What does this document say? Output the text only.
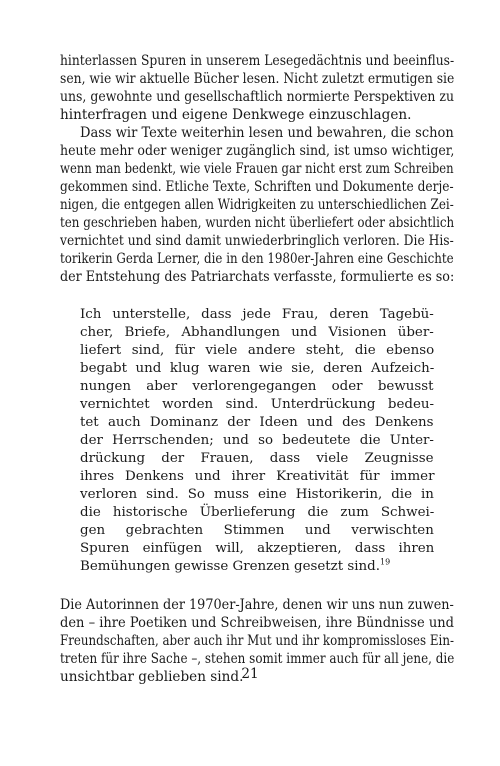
hinterlassen Spuren in unserem Lesegedächtnis und beeinflus-
sen, wie wir aktuelle Bücher lesen. Nicht zuletzt ermutigen sie
uns, gewohnte und gesellschaftlich normierte Perspektiven zu
hinterfragen und eigene Denkwege einzuschlagen.
Dass wir Texte weiterhin lesen und bewahren, die schon
heute mehr oder weniger zugänglich sind, ist umso wichtiger,
wenn man bedenkt, wie viele Frauen gar nicht erst zum Schreiben
gekommen sind. Etliche Texte, Schriften und Dokumente derje-
nigen, die entgegen allen Widrigkeiten zu unterschiedlichen Zei-
ten geschrieben haben, wurden nicht überliefert oder absichtlich
vernichtet und sind damit unwiederbringlich verloren. Die His-
torikerin Gerda Lerner, die in den 1980er-Jahren eine Geschichte
der Entstehung des Patriarchats verfasste, formulierte es so:
Ich unterstelle, dass jede Frau, deren Tagebü-
cher, Briefe, Abhandlungen und Visionen über-
liefert sind, für viele andere steht, die ebenso
begabt und klug waren wie sie, deren Aufzeich-
nungen aber verlorengegangen oder bewusst
vernichtet worden sind. Unterdrückung bedeu-
tet auch Dominanz der Ideen und des Denkens
der Herrschenden; und so bedeutete die Unter-
drückung der Frauen, dass viele Zeugnisse
ihres Denkens und ihrer Kreativität für immer
verloren sind. So muss eine Historikerin, die in
die historische Überlieferung die zum Schwei-
gen gebrachten Stimmen und verwischten
Spuren einfügen will, akzeptieren, dass ihren
Bemühungen gewisse Grenzen gesetzt sind.$^{19}$
Die Autorinnen der 1970er-Jahre, denen wir uns nun zuwen-
den – ihre Poetiken und Schreibweisen, ihre Bündnisse und
Freundschaften, aber auch ihr Mut und ihr kompromissloses Ein-
treten für ihre Sache –, stehen somit immer auch für all jene, die
unsichtbar geblieben sind.
21
